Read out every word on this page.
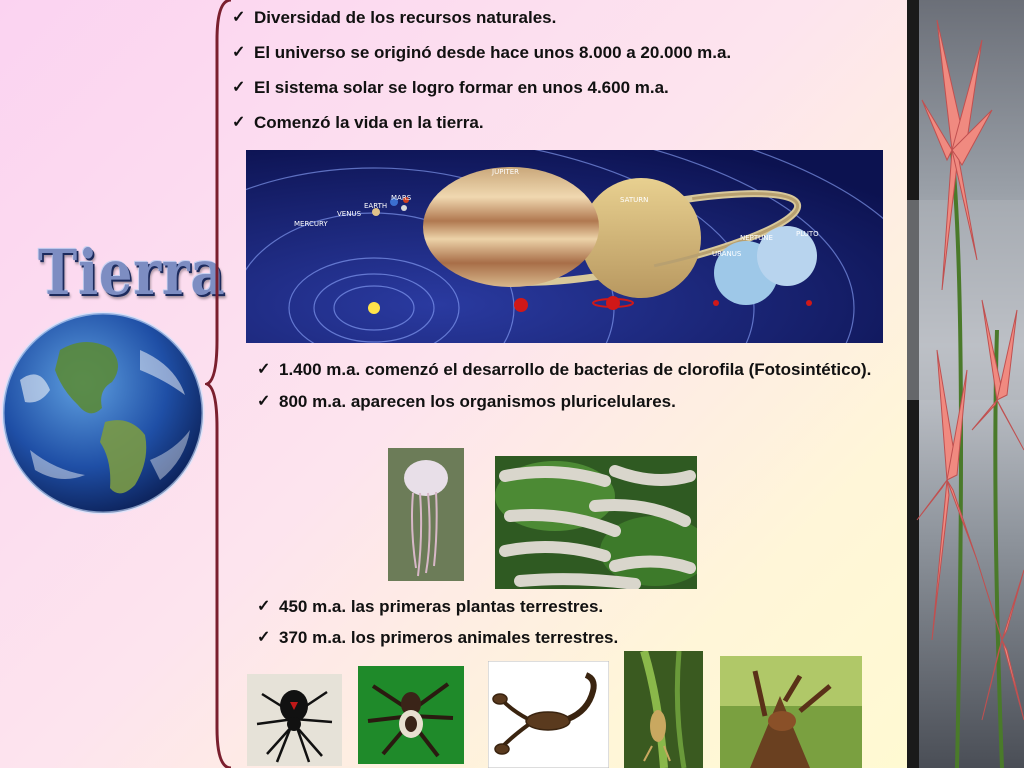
Tierra
✓ Diversidad de los recursos naturales.
✓ El universo se originó desde hace unos 8.000 a 20.000 m.a.
✓ El sistema solar se logro formar en unos 4.600 m.a.
✓ Comenzó la vida en la tierra.
JUPITER
SATURN
MARS
EARTH
VENUS
MERCURY
NEPTUNE	PLUTO
URANUS
✓ 1.400 m.a. comenzó el desarrollo de bacterias de clorofila (Fotosintético).
✓ 800 m.a. aparecen los organismos pluricelulares.
✓ 450 m.a. las primeras plantas terrestres.
✓ 370 m.a. los primeros animales terrestres.
